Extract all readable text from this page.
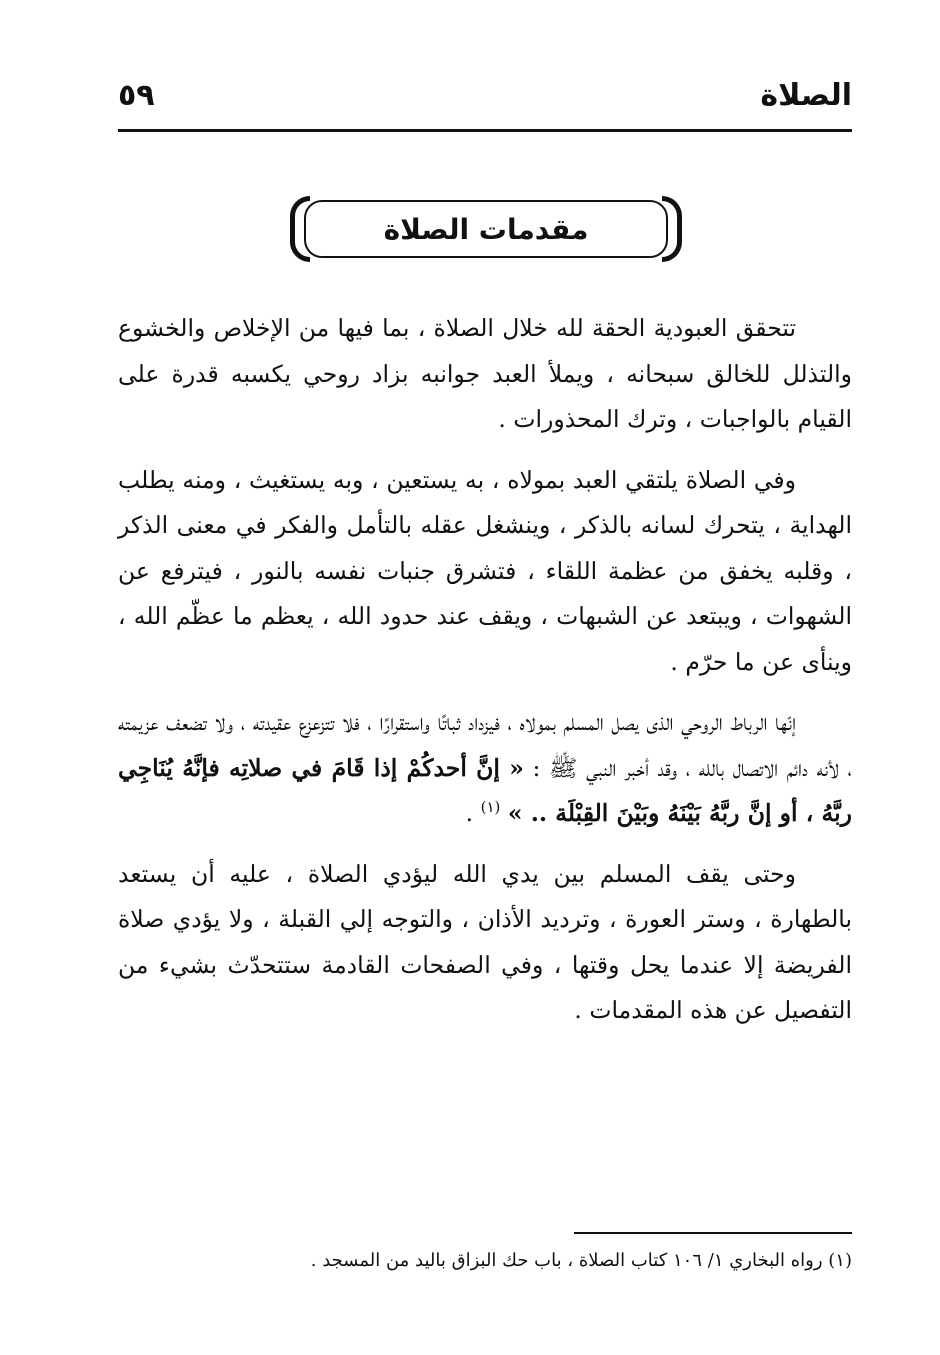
الصلاة
٥٩
مقدمات الصلاة

تتحقق العبودية الحقة لله خلال الصلاة ، بما فيها من الإخلاص والخشوع والتذلل للخالق سبحانه ، ويملأ العبد جوانبه بزاد روحي يكسبه قدرة على القيام بالواجبات ، وترك المحذورات .

وفي الصلاة يلتقي العبد بمولاه ، به يستعين ، وبه يستغيث ، ومنه يطلب الهداية ، يتحرك لسانه بالذكر ، وينشغل عقله بالتأمل والفكر في معنى الذكر ، وقلبه يخفق من عظمة اللقاء ، فتشرق جنبات نفسه بالنور ، فيترفع عن الشهوات ، ويبتعد عن الشبهات ، ويقف عند حدود الله ، يعظم ما عظّم الله ، وينأى عن ما حرّم .

إنّها الرباط الروحي الذى يصل المسلم بمولاه ، فيزداد ثباتًا واستقرارًا ، فلا تتزعزع عقيدته ، ولا تضعف عزيمته ، لأنه دائم الاتصال بالله ، وقد أخبر النبي ﷺ : « إنَّ أحدكُمْ إذا قَامَ في صلاتِه فإنَّهُ يُنَاجِي ربَّهُ ، أو إنَّ ربَّهُ بَيْنَهُ وبَيْنَ القِبْلَة .. » $^{(١)}$ .

وحتى يقف المسلم بين يدي الله ليؤدي الصلاة ، عليه أن يستعد بالطهارة ، وستر العورة ، وترديد الأذان ، والتوجه إلي القبلة ، ولا يؤدي صلاة الفريضة إلا عندما يحل وقتها ، وفي الصفحات القادمة ستتحدّث بشيء من التفصيل عن هذه المقدمات .

(١) رواه البخاري ١/ ١٠٦ كتاب الصلاة ، باب حك البزاق باليد من المسجد .
